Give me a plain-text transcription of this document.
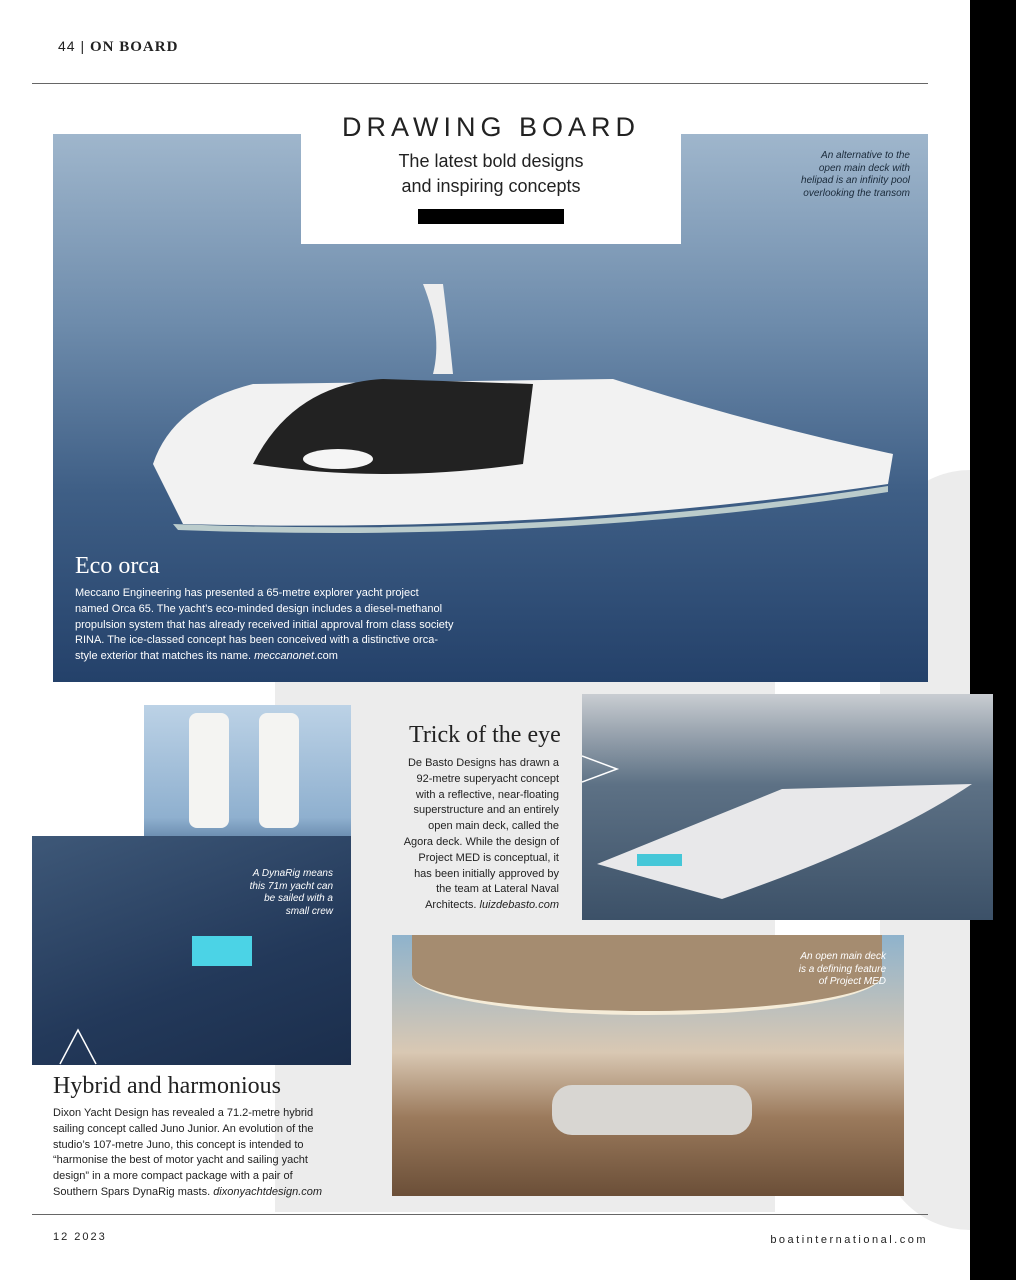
44 | ON BOARD
DRAWING BOARD

The latest bold designs
and inspiring concepts

An alternative to the
open main deck with
helipad is an infinity pool
overlooking the transom
Eco orca

Meccano Engineering has presented a 65-metre explorer yacht project named Orca 65. The yacht’s eco-minded design includes a diesel-methanol propulsion system that has already received initial approval from class society RINA. The ice-classed concept has been conceived with a distinctive orca-style exterior that matches its name. meccanonet.com

A DynaRig means
this 71m yacht can
be sailed with a
small crew
Hybrid and harmonious

Dixon Yacht Design has revealed a 71.2-metre hybrid sailing concept called Juno Junior. An evolution of the studio’s 107-metre Juno, this concept is intended to “harmonise the best of motor yacht and sailing yacht design” in a more compact package with a pair of Southern Spars DynaRig masts. dixonyachtdesign.com

Trick of the eye

De Basto Designs has drawn a 92-metre superyacht concept with a reflective, near-floating superstructure and an entirely open main deck, called the Agora deck. While the design of Project MED is conceptual, it has been initially approved by the team at Lateral Naval Architects. luizdebasto.com

An open main deck
is a defining feature
of Project MED
12 2023	boatinternational.com
